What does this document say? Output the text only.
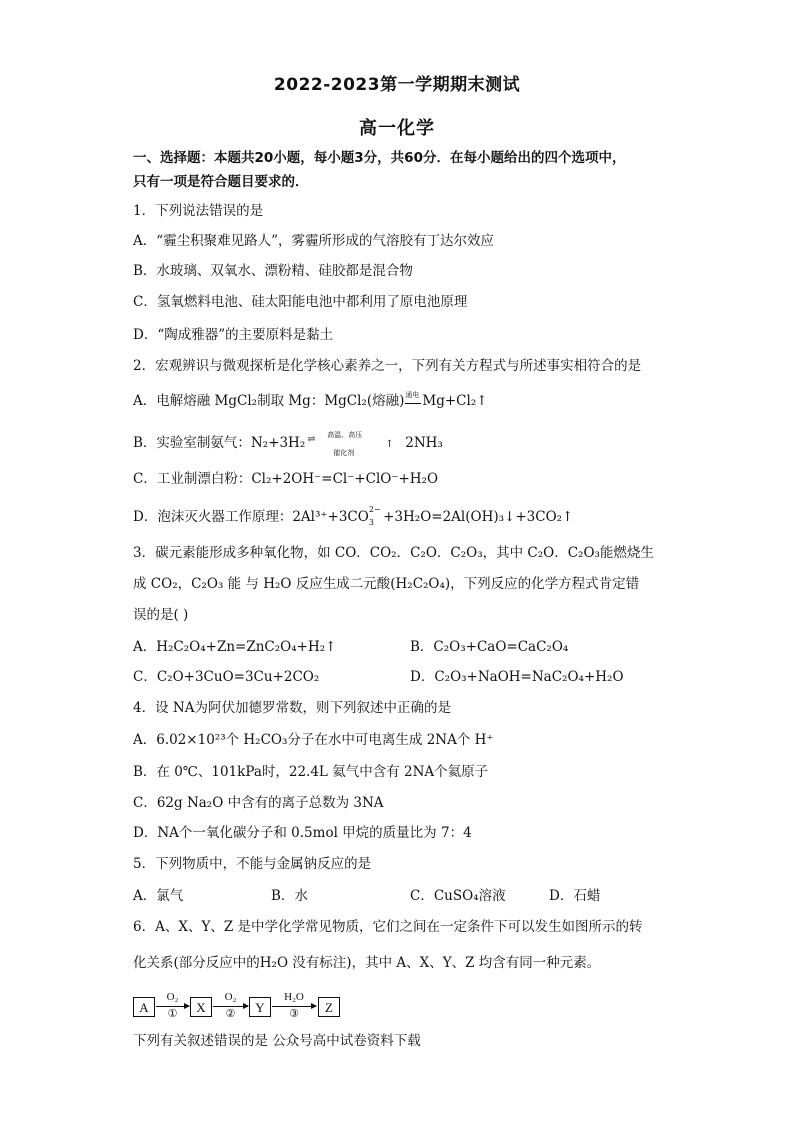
2022-2023第一学期期末测试
高一化学
一、选择题：本题共20小题，每小题3分，共60分．在每小题给出的四个选项中，
只有一项是符合题目要求的．
1．下列说法错误的是
A．“霾尘积聚难见路人”，雾霾所形成的气溶胶有丁达尔效应
B．水玻璃、双氧水、漂粉精、硅胶都是混合物
C．氢氧燃料电池、硅太阳能电池中都利用了原电池原理
D．“陶成雅器”的主要原料是黏土
2．宏观辨识与微观探析是化学核心素养之一，下列有关方程式与所述事实相符合的是
A．电解熔融 MgCl₂制取 Mg：MgCl₂(熔融) 通电 Mg+Cl₂↑
B．实验室制氨气：N₂+3H₂ ⇌ 高温、高压
催化剂
↑ 2NH₃
C．工业制漂白粉：Cl₂+2OH⁻=Cl⁻+ClO⁻+H₂O
D．泡沫灭火器工作原理：2Al³⁺+3CO 2−
3 +3H₂O=2Al(OH)₃↓+3CO₂↑
3．碳元素能形成多种氧化物，如 CO．CO₂．C₂O．C₂O₃，其中 C₂O．C₂O₃能燃烧生
成 CO₂，C₂O₃ 能 与 H₂O 反应生成二元酸(H₂C₂O₄)，下列反应的化学方程式肯定错
误的是( )
A．H₂C₂O₄+Zn=ZnC₂O₄+H₂↑	B．C₂O₃+CaO=CaC₂O₄
C．C₂O+3CuO=3Cu+2CO₂	D．C₂O₃+NaOH=NaC₂O₄+H₂O
4．设 NA为阿伏加德罗常数，则下列叙述中正确的是
A．6.02×10²³个 H₂CO₃分子在水中可电离生成 2NA个 H⁺
B．在 0℃、101kPa时，22.4L 氦气中含有 2NA个氦原子
C．62g Na₂O 中含有的离子总数为 3NA
D．NA个一氧化碳分子和 0.5mol 甲烷的质量比为 7：4
5．下列物质中，不能与金属钠反应的是
A．氯气	B．水	C．CuSO₄溶液	D．石蜡
6．A、X、Y、Z 是中学化学常见物质，它们之间在一定条件下可以发生如图所示的转
化关系(部分反应中的H₂O 没有标注)，其中 A、X、Y、Z 均含有同一种元素。
A
O₂
①	X
O₂
②	Y
H₂O
③	Z
下列有关叙述错误的是 公众号高中试卷资料下载
